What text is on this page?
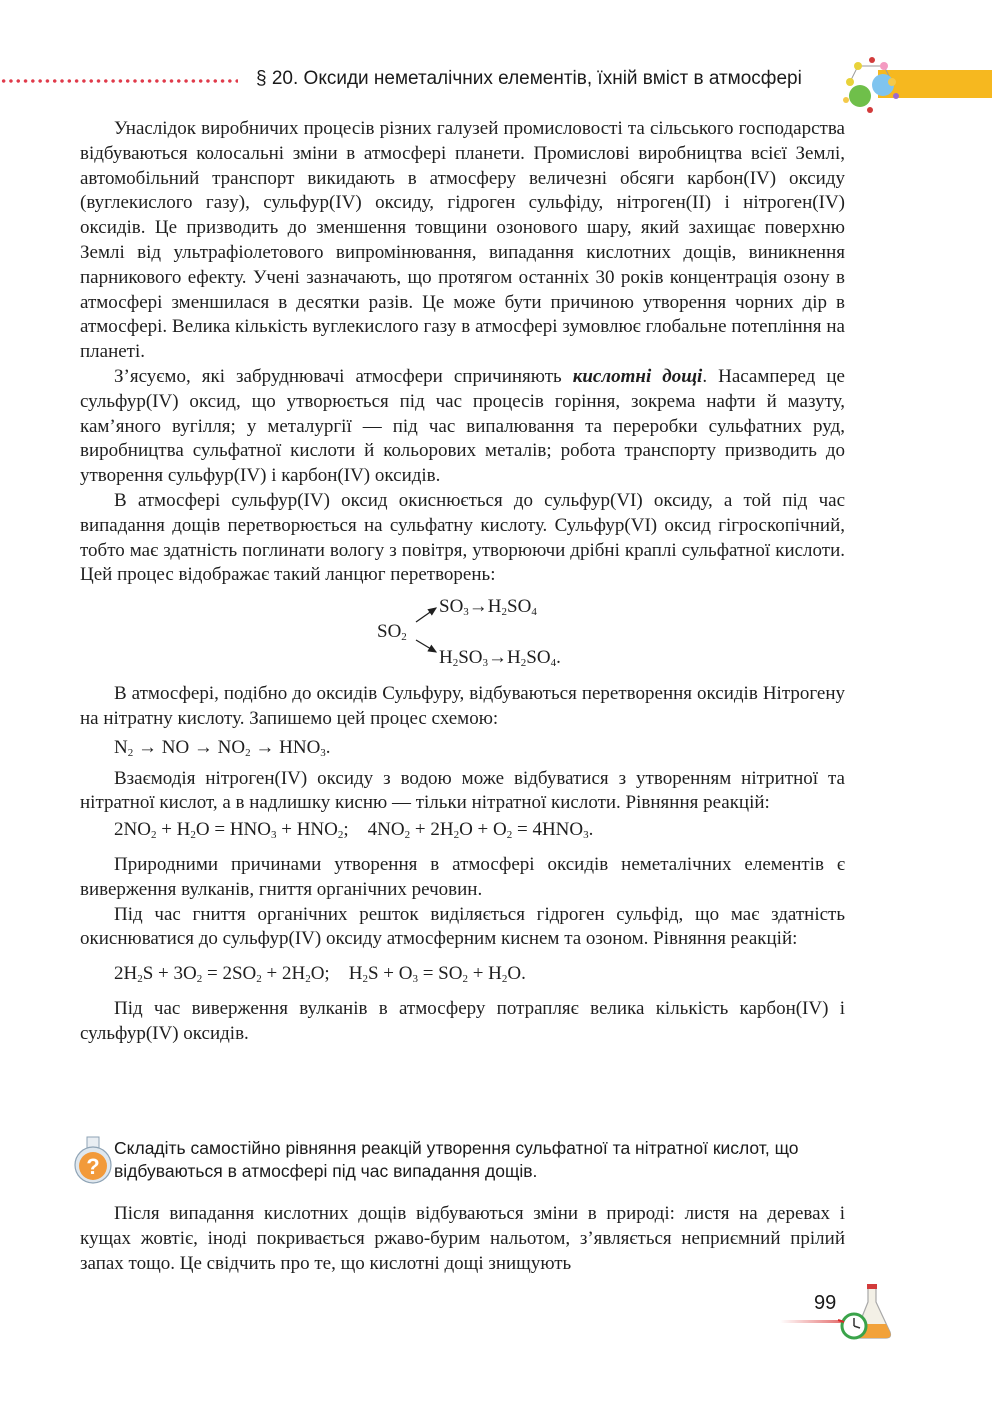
§ 20. Оксиди неметалічних елементів, їхній вміст в атмосфері

Унаслідок виробничих процесів різних галузей промисловості та сільського господарства відбуваються колосальні зміни в атмосфері планети. Промислові виробництва всієї Землі, автомобільний транспорт викидають в атмосферу величезні обсяги карбон(IV) оксиду (вуглекислого газу), сульфур(IV) оксиду, гідроген сульфіду, нітроген(II) і нітроген(IV) оксидів. Це призводить до зменшення товщини озонового шару, який захищає поверхню Землі від ультрафіолетового випромінювання, випадання кислотних дощів, виникнення парникового ефекту. Учені зазначають, що протягом останніх 30 років концентрація озону в атмосфері зменшилася в десятки разів. Це може бути причиною утворення чорних дір в атмосфері. Велика кількість вуглекислого газу в атмосфері зумовлює глобальне потепління на планеті.

З’ясуємо, які забруднювачі атмосфери спричиняють кислотні дощі. Насамперед це сульфур(IV) оксид, що утворюється під час процесів горіння, зокрема нафти й мазуту, кам’яного вугілля; у металургії — під час випалювання та переробки сульфатних руд, виробництва сульфатної кислоти й кольорових металів; робота транспорту призводить до утворення сульфур(IV) і карбон(IV) оксидів.

В атмосфері сульфур(IV) оксид окиснюється до сульфур(VI) оксиду, а той під час випадання дощів перетворюється на сульфатну кислоту. Сульфур(VI) оксид гігроскопічний, тобто має здатність поглинати вологу з повітря, утворюючи дрібні краплі сульфатної кислоти. Цей процес відображає такий ланцюг перетворень:

$SO_2$
$SO_3\to H_2SO_4$
$H_2SO_3\to H_2SO_4$.

В атмосфері, подібно до оксидів Сульфуру, відбуваються перетворення оксидів Нітрогену на нітратну кислоту. Запишемо цей процес схемою:

$N_2$ → NO → $NO_2 \to HNO_3$.

Взаємодія нітроген(IV) оксиду з водою може відбуватися з утворенням нітритної та нітратної кислот, а в надлишку кисню — тільки нітратної кислоти. Рівняння реакцій:

$2NO_2 + H_2O = HNO_3 + HNO_2$;    $4NO_2 + 2H_2O + O_2 = 4HNO_3$.

Природними причинами утворення в атмосфері оксидів неметалічних елементів є виверження вулканів, гниття органічних речовин.

Під час гниття органічних решток виділяється гідроген сульфід, що має здатність окиснюватися до сульфур(IV) оксиду атмосферним киснем та озоном. Рівняння реакцій:

$2H_2S + 3O_2 = 2SO_2 + 2H_2O$;    $H_2S + O_3 = SO_2 + H_2O$.

Під час виверження вулканів в атмосферу потрапляє велика кількість карбон(IV) і сульфур(IV) оксидів.

?
Складіть самостійно рівняння реакцій утворення сульфатної та нітратної кислот, що відбуваються в атмосфері під час випадання дощів.

Після випадання кислотних дощів відбуваються зміни в природі: листя на деревах і кущах жовтіє, іноді покривається ржаво-бурим нальотом, з’являється неприємний прілий запах тощо. Це свідчить про те, що кислотні дощі знищують

99
